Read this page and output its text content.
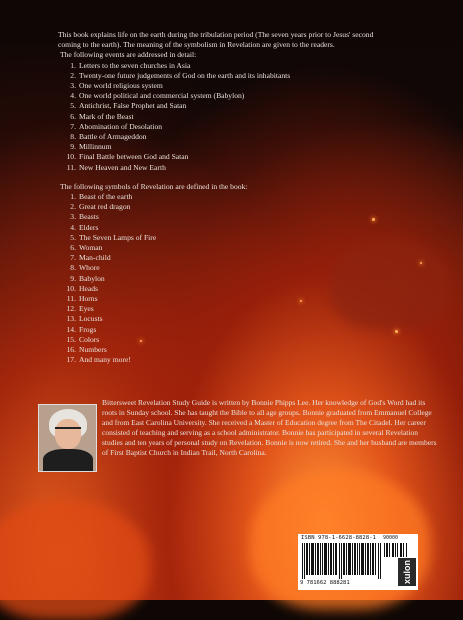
This book explains life on the earth during the tribulation period (The seven years prior to Jesus' second

coming to the earth). The meaning of the symbolism in Revelation are given to the readers.

The following events are addressed in detail:

1. Letters to the seven churches in Asia
2. Twenty-one future judgements of God on the earth and its inhabitants
3. One world religious system
4. One world political and commercial system (Babylon)
5. Antichrist, False Prophet and Satan
6. Mark of the Beast
7. Abomination of Desolation
8. Battle of Armageddon
9. Millinnum
10. Final Battle between God and Satan
11. New Heaven and New Earth

The following symbols of Revelation are defined in the book:

1. Beast of the earth
2. Great red dragon
3. Beasts
4. Elders
5. The Seven Lamps of Fire
6. Woman
7. Man-child
8. Whore
9. Babylon
10. Heads
11. Horns
12. Eyes
13. Locusts
14. Frogs
15. Colors
16. Numbers
17. And many more!
Bittersweet Revelation Study Guide is written by Bonnie Phipps Lee. Her knowledge of God's Word had its roots in Sunday school. She has taught the Bible to all age groups. Bonnie graduated from Emmanuel College and from East Carolina University. She received a Master of Education degree from The Citadel. Her career consisted of teaching and serving as a school administrator. Bonnie has participated in several Revelation studies and ten years of personal study on Revelation. Bonnie is now retired. She and her husband are members of First Baptist Church in Indian Trail, North Carolina.
ISBN 978-1-6628-8828-1 90000
9 781662 888281	xulon
